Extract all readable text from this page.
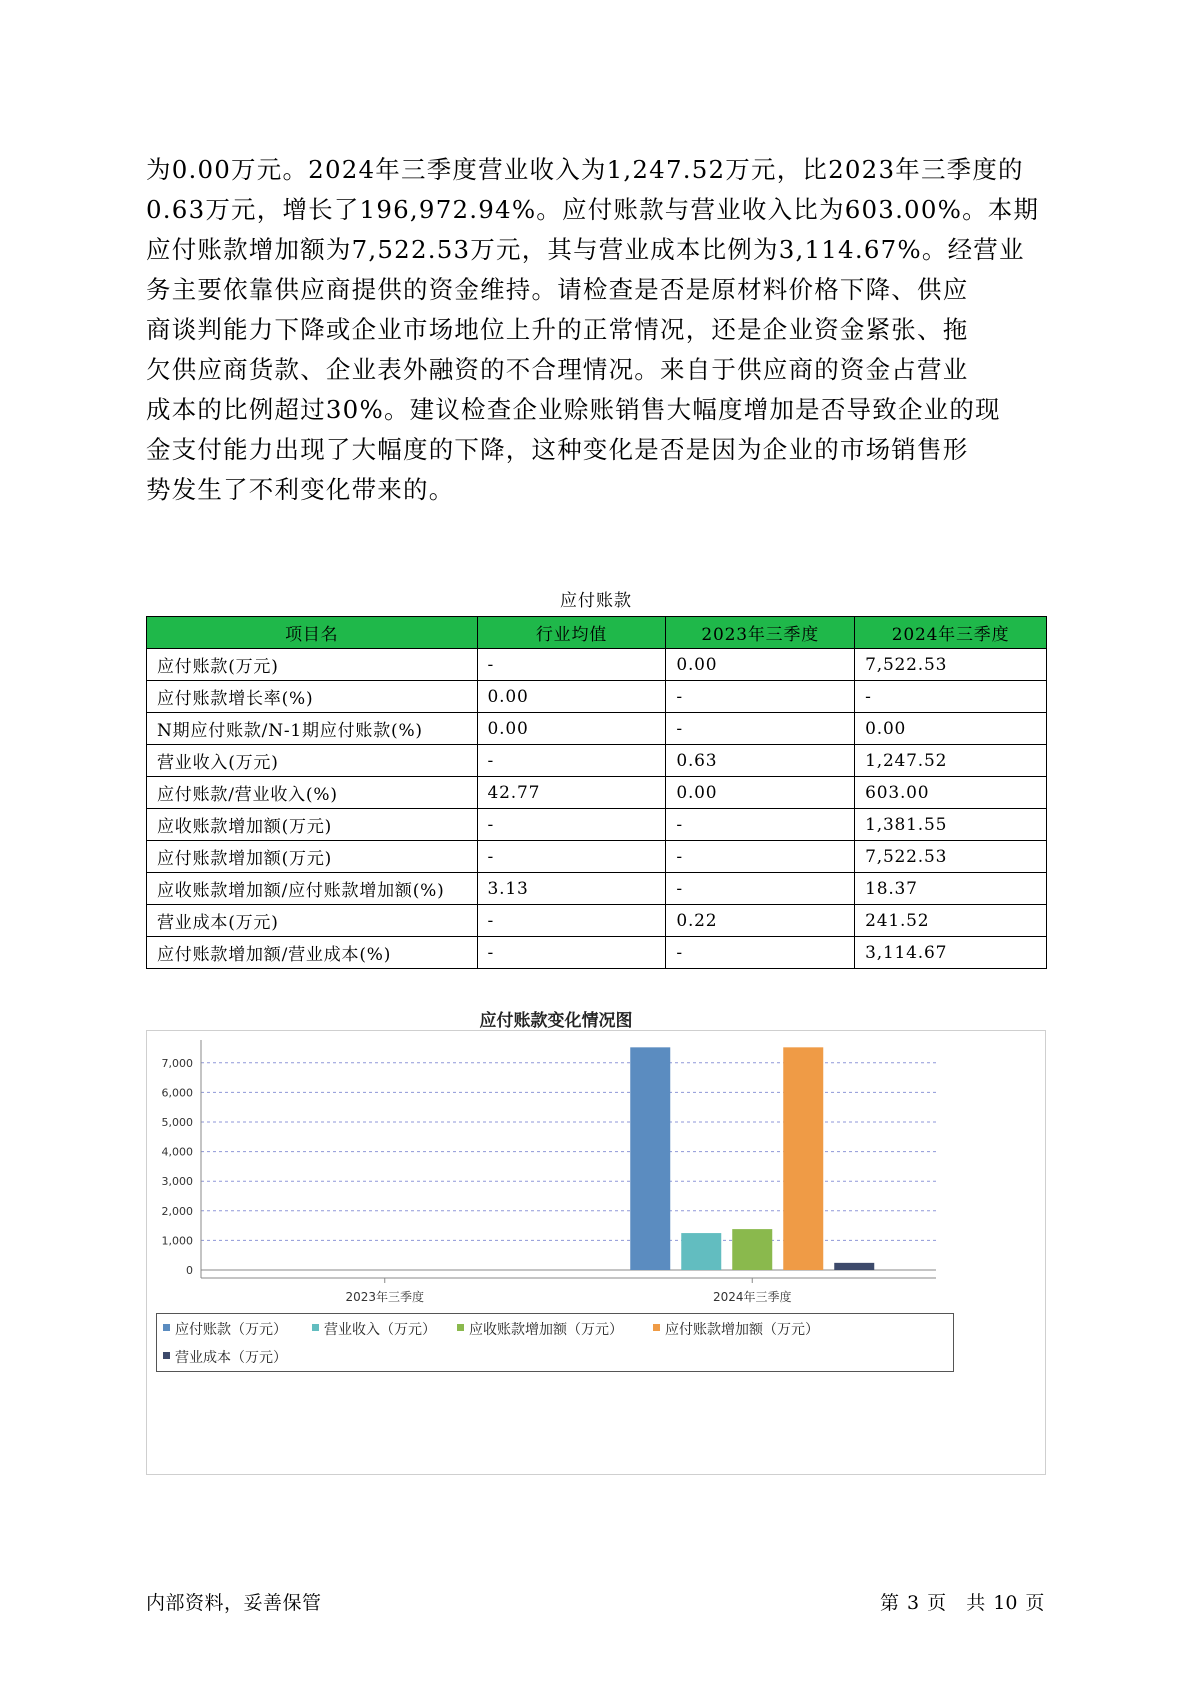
为0.00万元。2024年三季度营业收入为1,247.52万元，比2023年三季度的
0.63万元，增长了196,972.94%。应付账款与营业收入比为603.00%。本期
应付账款增加额为7,522.53万元，其与营业成本比例为3,114.67%。经营业
务主要依靠供应商提供的资金维持。请检查是否是原材料价格下降、供应
商谈判能力下降或企业市场地位上升的正常情况，还是企业资金紧张、拖
欠供应商货款、企业表外融资的不合理情况。来自于供应商的资金占营业
成本的比例超过30%。建议检查企业赊账销售大幅度增加是否导致企业的现
金支付能力出现了大幅度的下降，这种变化是否是因为企业的市场销售形
势发生了不利变化带来的。
应付账款
项目名	行业均值	2023年三季度	2024年三季度
应付账款(万元)	-	0.00	7,522.53
应付账款增长率(%)	0.00	-	-
N期应付账款/N-1期应付账款(%)	0.00	-	0.00
营业收入(万元)	-	0.63	1,247.52
应付账款/营业收入(%)	42.77	0.00	603.00
应收账款增加额(万元)	-	-	1,381.55
应付账款增加额(万元)	-	-	7,522.53
应收账款增加额/应付账款增加额(%)	3.13	-	18.37
营业成本(万元)	-	0.22	241.52
应付账款增加额/营业成本(%)	-	-	3,114.67
应付账款变化情况图
0
1,000
2,000
3,000
4,000
5,000
6,000
7,000
2023年三季度	2024年三季度
应付账款（万元）	营业收入（万元） 应收账款增加额（万元）	应付账款增加额（万元）
营业成本（万元）
内部资料，妥善保管	第 3 页 共 10 页
